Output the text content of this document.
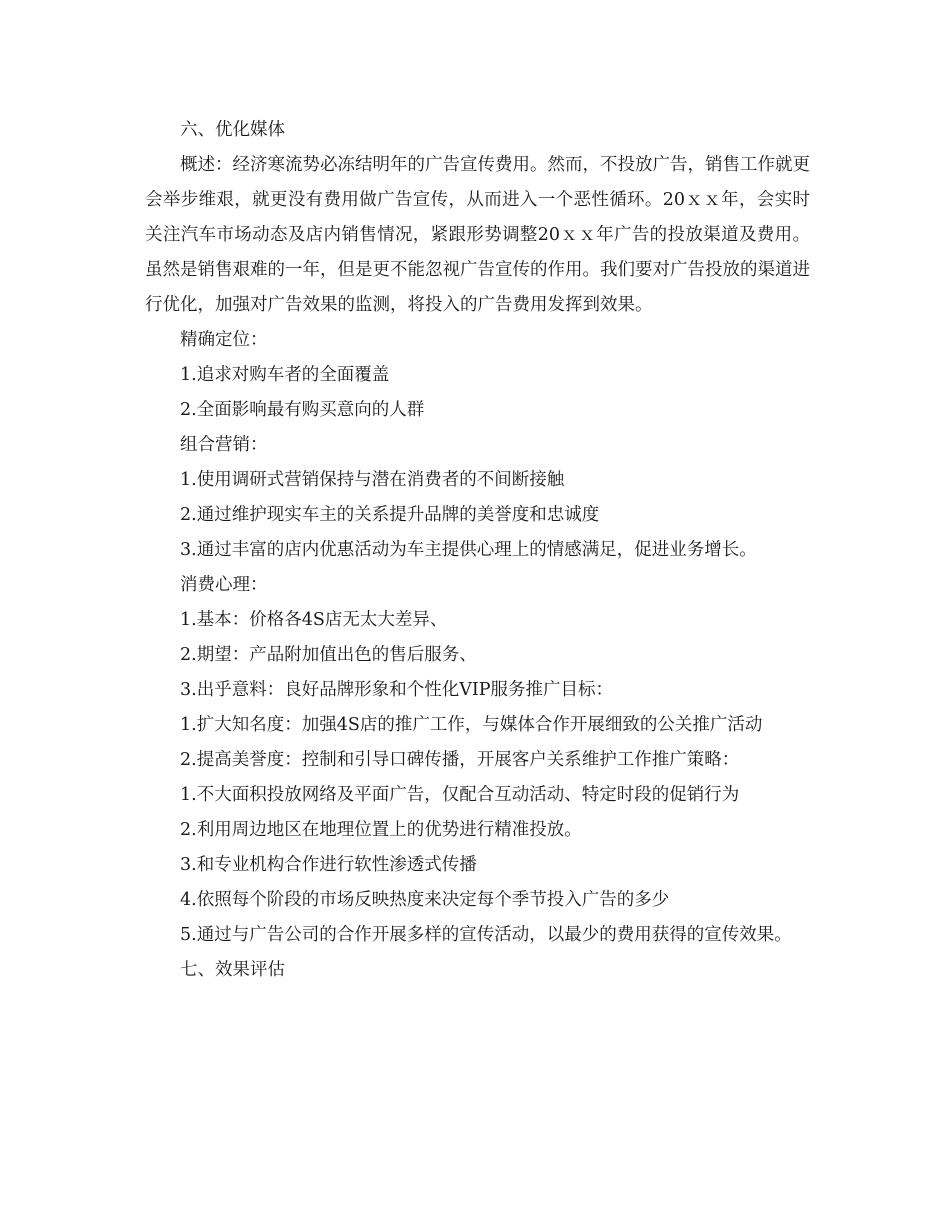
六、优化媒体

概述：经济寒流势必冻结明年的广告宣传费用。然而，不投放广告，销售工作就更会举步维艰，就更没有费用做广告宣传，从而进入一个恶性循环。20ｘｘ年，会实时关注汽车市场动态及店内销售情况，紧跟形势调整20ｘｘ年广告的投放渠道及费用。虽然是销售艰难的一年，但是更不能忽视广告宣传的作用。我们要对广告投放的渠道进行优化，加强对广告效果的监测，将投入的广告费用发挥到效果。

精确定位：

1.追求对购车者的全面覆盖

2.全面影响最有购买意向的人群

组合营销：

1.使用调研式营销保持与潜在消费者的不间断接触

2.通过维护现实车主的关系提升品牌的美誉度和忠诚度

3.通过丰富的店内优惠活动为车主提供心理上的情感满足，促进业务增长。

消费心理：

1.基本：价格各4S店无太大差异、

2.期望：产品附加值出色的售后服务、

3.出乎意料：良好品牌形象和个性化VIP服务推广目标：

1.扩大知名度：加强4S店的推广工作，与媒体合作开展细致的公关推广活动

2.提高美誉度：控制和引导口碑传播，开展客户关系维护工作推广策略：

1.不大面积投放网络及平面广告，仅配合互动活动、特定时段的促销行为

2.利用周边地区在地理位置上的优势进行精准投放。

3.和专业机构合作进行软性渗透式传播

4.依照每个阶段的市场反映热度来决定每个季节投入广告的多少

5.通过与广告公司的合作开展多样的宣传活动，以最少的费用获得的宣传效果。

七、效果评估
